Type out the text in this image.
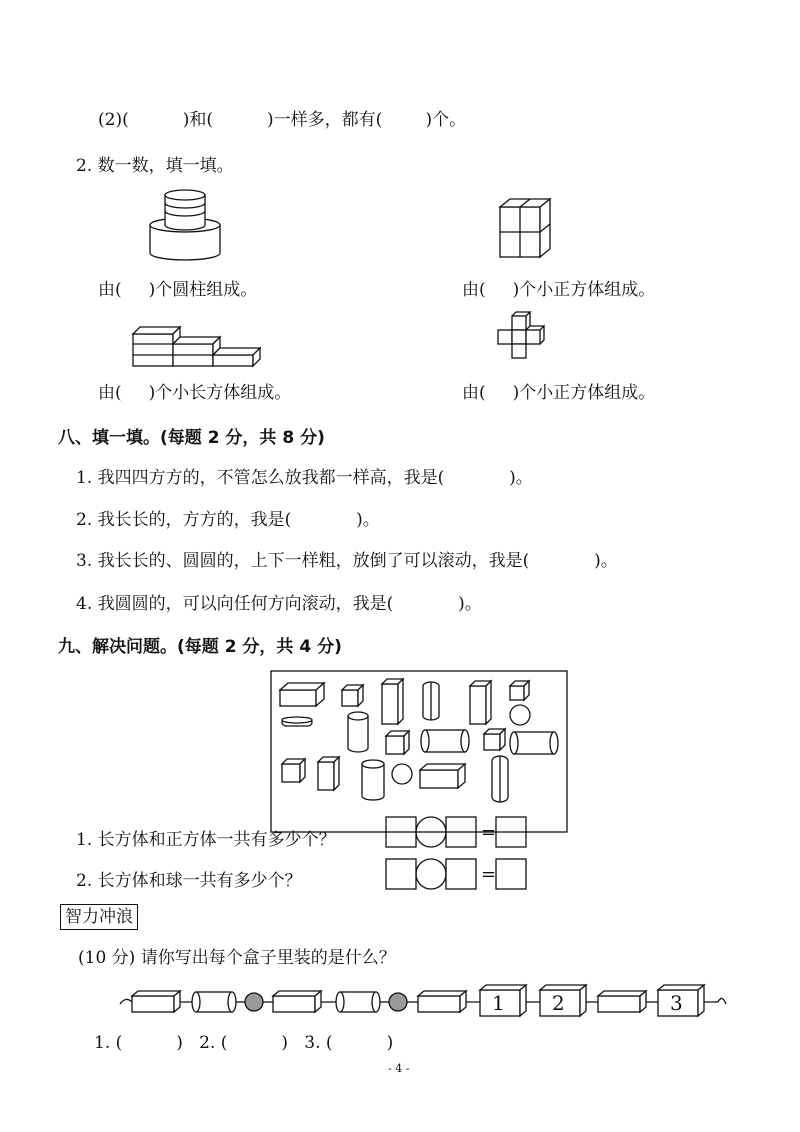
(2)(          )和(          )一样多，都有(        )个。
2. 数一数，填一填。
由(     )个圆柱组成。	由(     )个小正方体组成。
由(     )个小长方体组成。	由(     )个小正方体组成。
八、填一填。(每题 2 分，共 8 分)
1. 我四四方方的，不管怎么放我都一样高，我是(            )。
2. 我长长的，方方的，我是(            )。
3. 我长长的、圆圆的，上下一样粗，放倒了可以滚动，我是(            )。
4. 我圆圆的，可以向任何方向滚动，我是(            )。
九、解决问题。(每题 2 分，共 4 分)
1. 长方体和正方体一共有多少个？
2. 长方体和球一共有多少个？
=
=
智力冲浪
(10 分) 请你写出每个盒子里装的是什么？
1 2	3
1. (          )   2. (          )   3. (          )
- 4 -
